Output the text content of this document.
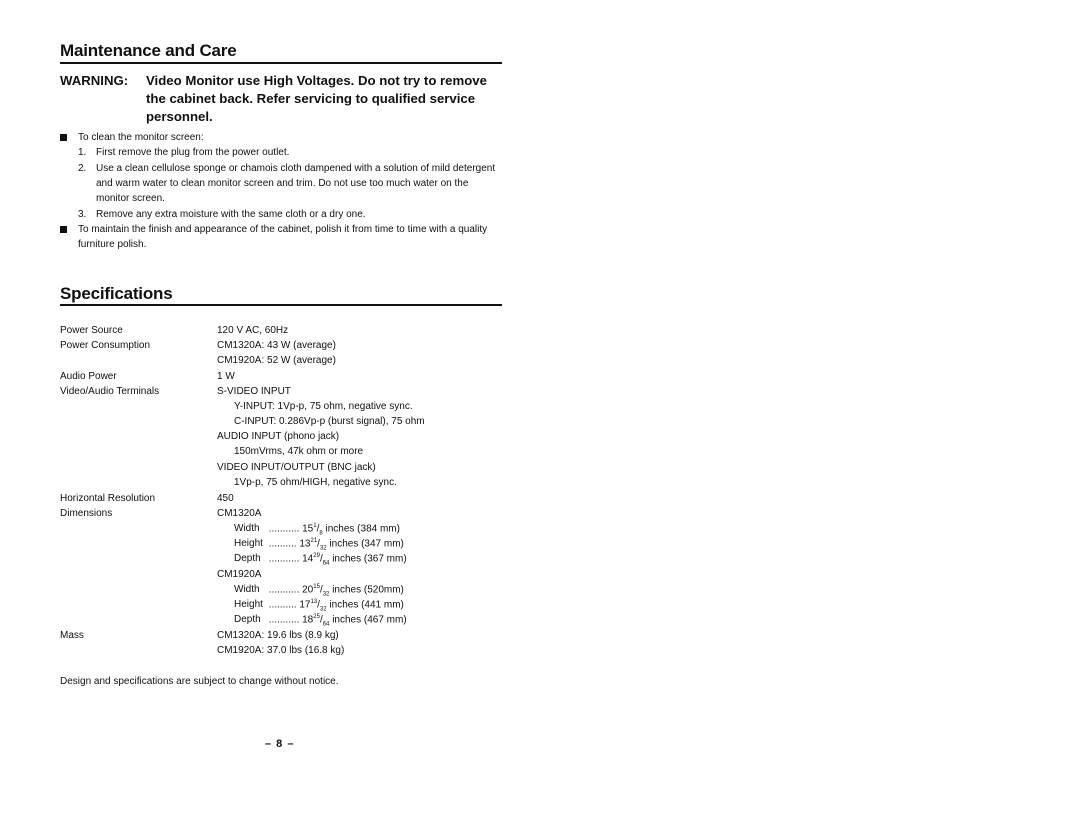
Maintenance and Care
WARNING: Video Monitor use High Voltages. Do not try to remove the cabinet back. Refer servicing to qualified service personnel.
To clean the monitor screen:
1. First remove the plug from the power outlet.
2. Use a clean cellulose sponge or chamois cloth dampened with a solution of mild detergent and warm water to clean monitor screen and trim. Do not use too much water on the monitor screen.
3. Remove any extra moisture with the same cloth or a dry one.
To maintain the finish and appearance of the cabinet, polish it from time to time with a quality furniture polish.
Specifications
Power Source	120 V AC, 60Hz
Power Consumption	CM1320A: 43 W (average)
CM1920A: 52 W (average)
Audio Power	1 W
Video/Audio Terminals	S-VIDEO INPUT
Y-INPUT: 1Vp-p, 75 ohm, negative sync.
C-INPUT: 0.286Vp-p (burst signal), 75 ohm
AUDIO INPUT (phono jack)
150mVrms, 47k ohm or more
VIDEO INPUT/OUTPUT (BNC jack)
1Vp-p, 75 ohm/HIGH, negative sync.
Horizontal Resolution	450
Dimensions	CM1320A
Width ........... $15^1/_8$ inches (384 mm)
Height .......... $13^{21}/_{32}$ inches (347 mm)
Depth ........... $14^{29}/_{64}$ inches (367 mm)
CM1920A
Width ........... $20^{15}/_{32}$ inches (520mm)
Height .......... $17^{13}/_{32}$ inches (441 mm)
Depth ........... $18^{25}/_{64}$ inches (467 mm)
Mass	CM1320A: 19.6 lbs (8.9 kg)
CM1920A: 37.0 lbs (16.8 kg)
Design and specifications are subject to change without notice.
– 8 –
